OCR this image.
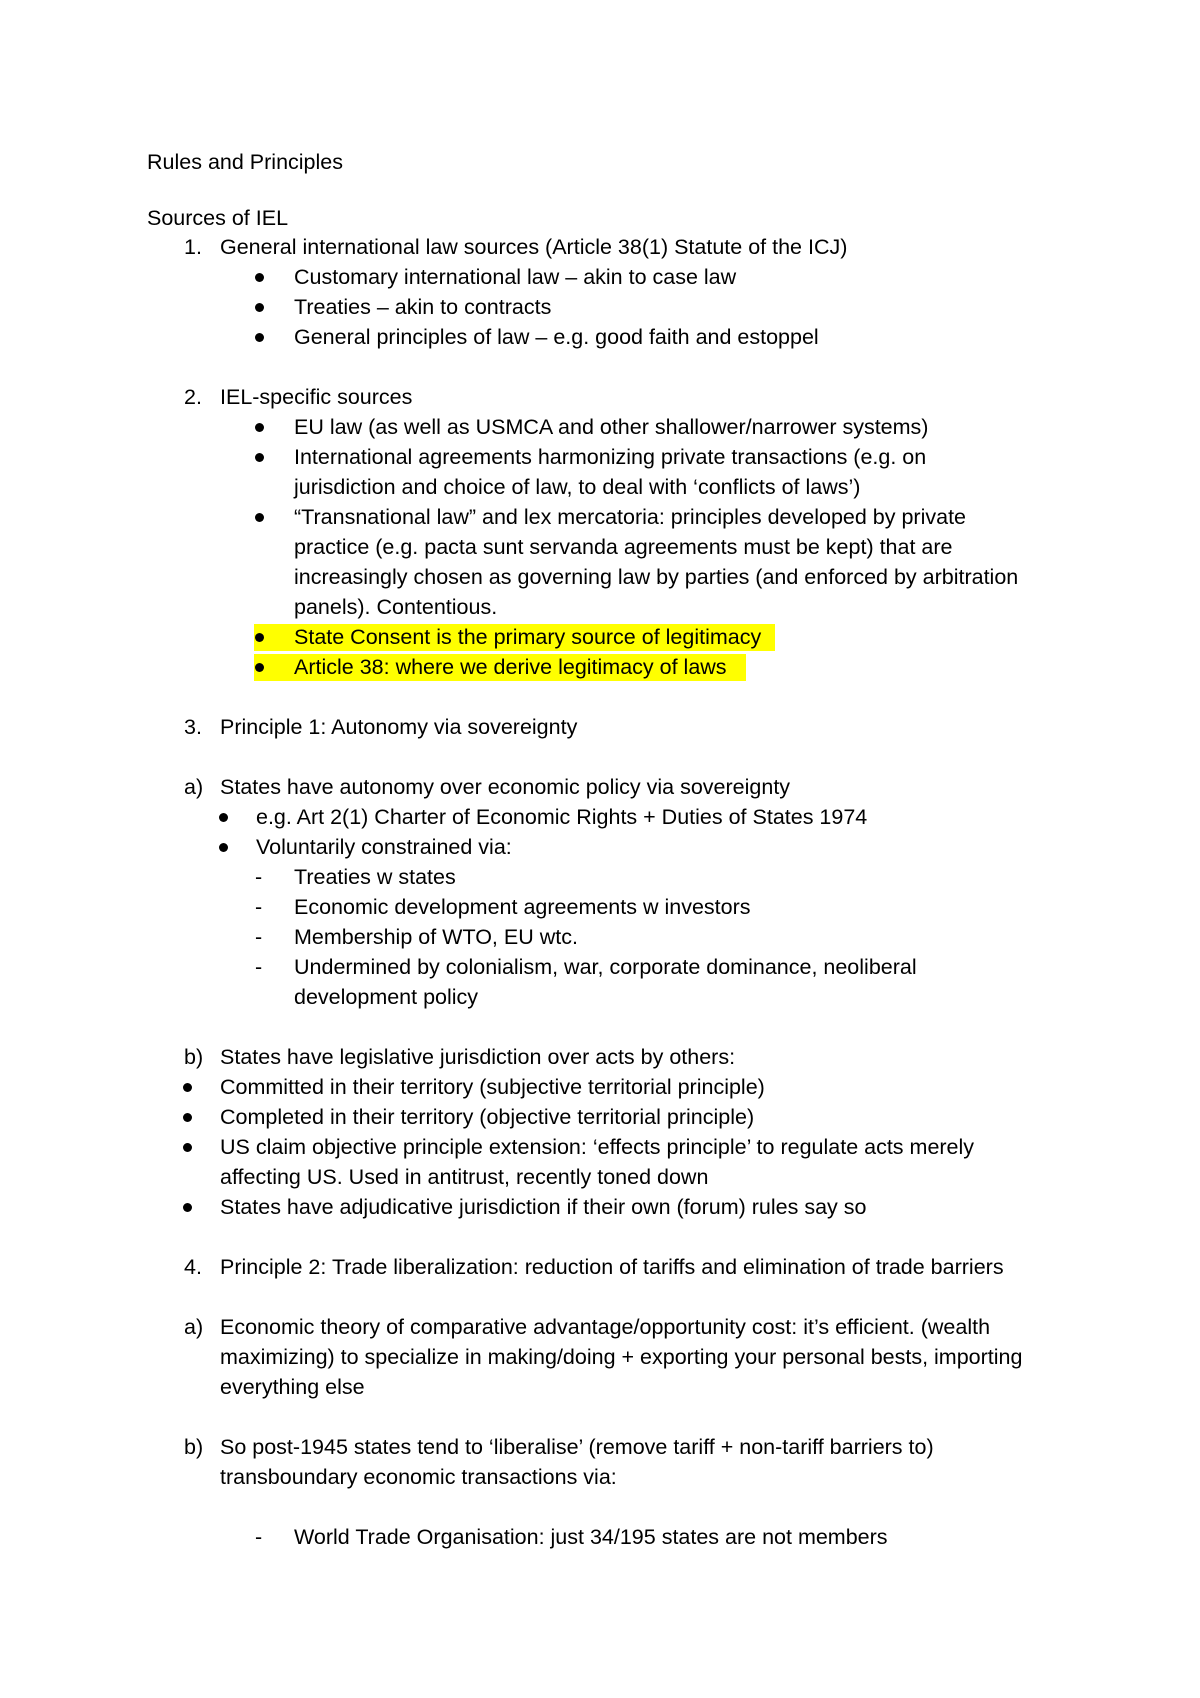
Rules and Principles
Sources of IEL
1. General international law sources (Article 38(1) Statute of the ICJ)
Customary international law – akin to case law
Treaties – akin to contracts
General principles of law – e.g. good faith and estoppel
2. IEL-specific sources
EU law (as well as USMCA and other shallower/narrower systems)
International agreements harmonizing private transactions (e.g. on
jurisdiction and choice of law, to deal with ‘conflicts of laws’)
“Transnational law” and lex mercatoria: principles developed by private
practice (e.g. pacta sunt servanda agreements must be kept) that are
increasingly chosen as governing law by parties (and enforced by arbitration
panels). Contentious.
State Consent is the primary source of legitimacy
Article 38: where we derive legitimacy of laws
3. Principle 1: Autonomy via sovereignty
a) States have autonomy over economic policy via sovereignty
e.g. Art 2(1) Charter of Economic Rights + Duties of States 1974
Voluntarily constrained via:
- Treaties w states
- Economic development agreements w investors
- Membership of WTO, EU wtc.
- Undermined by colonialism, war, corporate dominance, neoliberal
development policy
b) States have legislative jurisdiction over acts by others:
Committed in their territory (subjective territorial principle)
Completed in their territory (objective territorial principle)
US claim objective principle extension: ‘effects principle’ to regulate acts merely
affecting US. Used in antitrust, recently toned down
States have adjudicative jurisdiction if their own (forum) rules say so
4. Principle 2: Trade liberalization: reduction of tariffs and elimination of trade barriers
a) Economic theory of comparative advantage/opportunity cost: it’s efficient. (wealth
maximizing) to specialize in making/doing + exporting your personal bests, importing
everything else
b) So post-1945 states tend to ‘liberalise’ (remove tariff + non-tariff barriers to)
transboundary economic transactions via:
- World Trade Organisation: just 34/195 states are not members
